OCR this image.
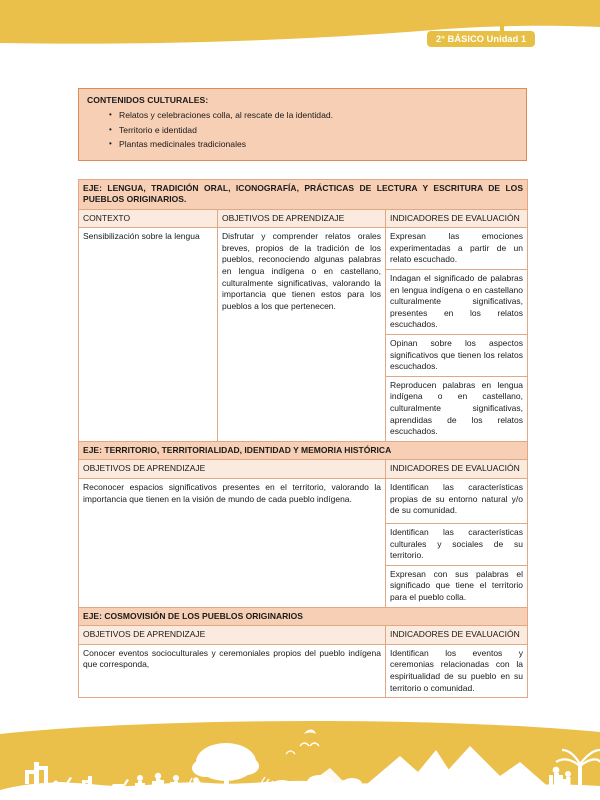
2° BÁSICO Unidad 1
CONTENIDOS CULTURALES:
• Relatos y celebraciones colla, al rescate de la identidad.
• Territorio e identidad
• Plantas medicinales tradicionales
EJE: LENGUA, TRADICIÓN ORAL, ICONOGRAFÍA, PRÁCTICAS DE LECTURA Y ESCRITURA DE LOS PUEBLOS ORIGINARIOS.		
CONTEXTO	OBJETIVOS DE APRENDIZAJE	INDICADORES DE EVALUACIÓN
Sensibilización sobre la lengua	Disfrutar y comprender relatos orales breves, propios de la tradición de los pueblos, reconociendo algunas palabras en lengua indígena o en castellano, culturalmente significativas, valorando la importancia que tienen estos para los pueblos a los que pertenecen.	Expresan las emociones experimentadas a partir de un relato escuchado.
		Indagan el significado de palabras en lengua indígena o en castellano culturalmente significativas, presentes en los relatos escuchados.
		Opinan sobre los aspectos significativos que tienen los relatos escuchados.
		Reproducen palabras en lengua indígena o en castellano, culturalmente significativas, aprendidas de los relatos escuchados.
EJE: TERRITORIO, TERRITORIALIDAD, IDENTIDAD Y MEMORIA HISTÓRICA		
OBJETIVOS DE APRENDIZAJE		INDICADORES DE EVALUACIÓN
Reconocer espacios significativos presentes en el territorio, valorando la importancia que tienen en la visión de mundo de cada pueblo indígena.		Identifican las características propias de su entorno natural y/o de su comunidad.
		Identifican las características culturales y sociales de su territorio.
		Expresan con sus palabras el significado que tiene el territorio para el pueblo colla.
EJE: COSMOVISIÓN DE LOS PUEBLOS ORIGINARIOS		
OBJETIVOS DE APRENDIZAJE		INDICADORES DE EVALUACIÓN
Conocer eventos socioculturales y ceremoniales propios del pueblo indígena que corresponda,		Identifican los eventos y ceremonias relacionadas con la espiritualidad de su pueblo en su territorio o comunidad.
